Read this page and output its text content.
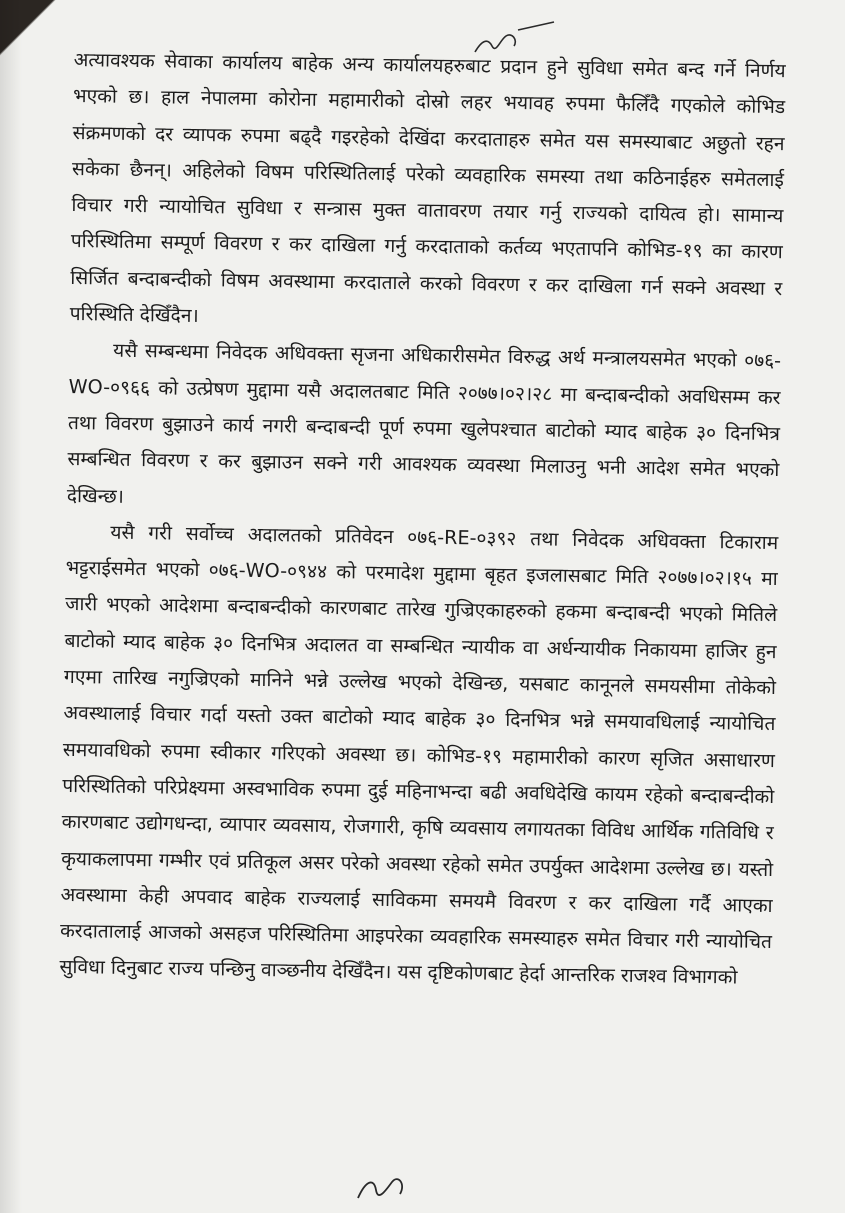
अत्यावश्यक सेवाका कार्यालय बाहेक अन्य कार्यालयहरुबाट प्रदान हुने सुविधा समेत बन्द गर्ने निर्णय भएको छ। हाल नेपालमा कोरोना महामारीको दोस्रो लहर भयावह रुपमा फैलिँदै गएकोले कोभिड संक्रमणको दर व्यापक रुपमा बढ्दै गइरहेको देखिंदा करदाताहरु समेत यस समस्याबाट अछुतो रहन सकेका छैनन्। अहिलेको विषम परिस्थितिलाई परेको व्यवहारिक समस्या तथा कठिनाईहरु समेतलाई विचार गरी न्यायोचित सुविधा र सन्त्रास मुक्त वातावरण तयार गर्नु राज्यको दायित्व हो। सामान्य परिस्थितिमा सम्पूर्ण विवरण र कर दाखिला गर्नु करदाताको कर्तव्य भएतापनि कोभिड-१९ का कारण सिर्जित बन्दाबन्दीको विषम अवस्थामा करदाताले करको विवरण र कर दाखिला गर्न सक्ने अवस्था र परिस्थिति देखिँदैन।

यसै सम्बन्धमा निवेदक अधिवक्ता सृजना अधिकारीसमेत विरुद्ध अर्थ मन्त्रालयसमेत भएको ०७६-WO-०९६६ को उत्प्रेषण मुद्दामा यसै अदालतबाट मिति २०७७।०२।२८ मा बन्दाबन्दीको अवधिसम्म कर तथा विवरण बुझाउने कार्य नगरी बन्दाबन्दी पूर्ण रुपमा खुलेपश्चात बाटोको म्याद बाहेक ३० दिनभित्र सम्बन्धित विवरण र कर बुझाउन सक्ने गरी आवश्यक व्यवस्था मिलाउनु भनी आदेश समेत भएको देखिन्छ।

यसै गरी सर्वोच्च अदालतको प्रतिवेदन ०७६-RE-०३९२ तथा निवेदक अधिवक्ता टिकाराम भट्टराईसमेत भएको ०७६-WO-०९४४ को परमादेश मुद्दामा बृहत इजलासबाट मिति २०७७।०२।१५ मा जारी भएको आदेशमा बन्दाबन्दीको कारणबाट तारेख गुज्रिएकाहरुको हकमा बन्दाबन्दी भएको मितिले बाटोको म्याद बाहेक ३० दिनभित्र अदालत वा सम्बन्धित न्यायीक वा अर्धन्यायीक निकायमा हाजिर हुन गएमा तारिख नगुज्रिएको मानिने भन्ने उल्लेख भएको देखिन्छ, यसबाट कानूनले समयसीमा तोकेको अवस्थालाई विचार गर्दा यस्तो उक्त बाटोको म्याद बाहेक ३० दिनभित्र भन्ने समयावधिलाई न्यायोचित समयावधिको रुपमा स्वीकार गरिएको अवस्था छ। कोभिड-१९ महामारीको कारण सृजित असाधारण परिस्थितिको परिप्रेक्ष्यमा अस्वभाविक रुपमा दुई महिनाभन्दा बढी अवधिदेखि कायम रहेको बन्दाबन्दीको कारणबाट उद्योगधन्दा, व्यापार व्यवसाय, रोजगारी, कृषि व्यवसाय लगायतका विविध आर्थिक गतिविधि र कृयाकलापमा गम्भीर एवं प्रतिकूल असर परेको अवस्था रहेको समेत उपर्युक्त आदेशमा उल्लेख छ। यस्तो अवस्थामा केही अपवाद बाहेक राज्यलाई साविकमा समयमै विवरण र कर दाखिला गर्दै आएका करदातालाई आजको असहज परिस्थितिमा आइपरेका व्यवहारिक समस्याहरु समेत विचार गरी न्यायोचित सुविधा दिनुबाट राज्य पन्छिनु वाञ्छनीय देखिँदैन। यस दृष्टिकोणबाट हेर्दा आन्तरिक राजश्व विभागको
